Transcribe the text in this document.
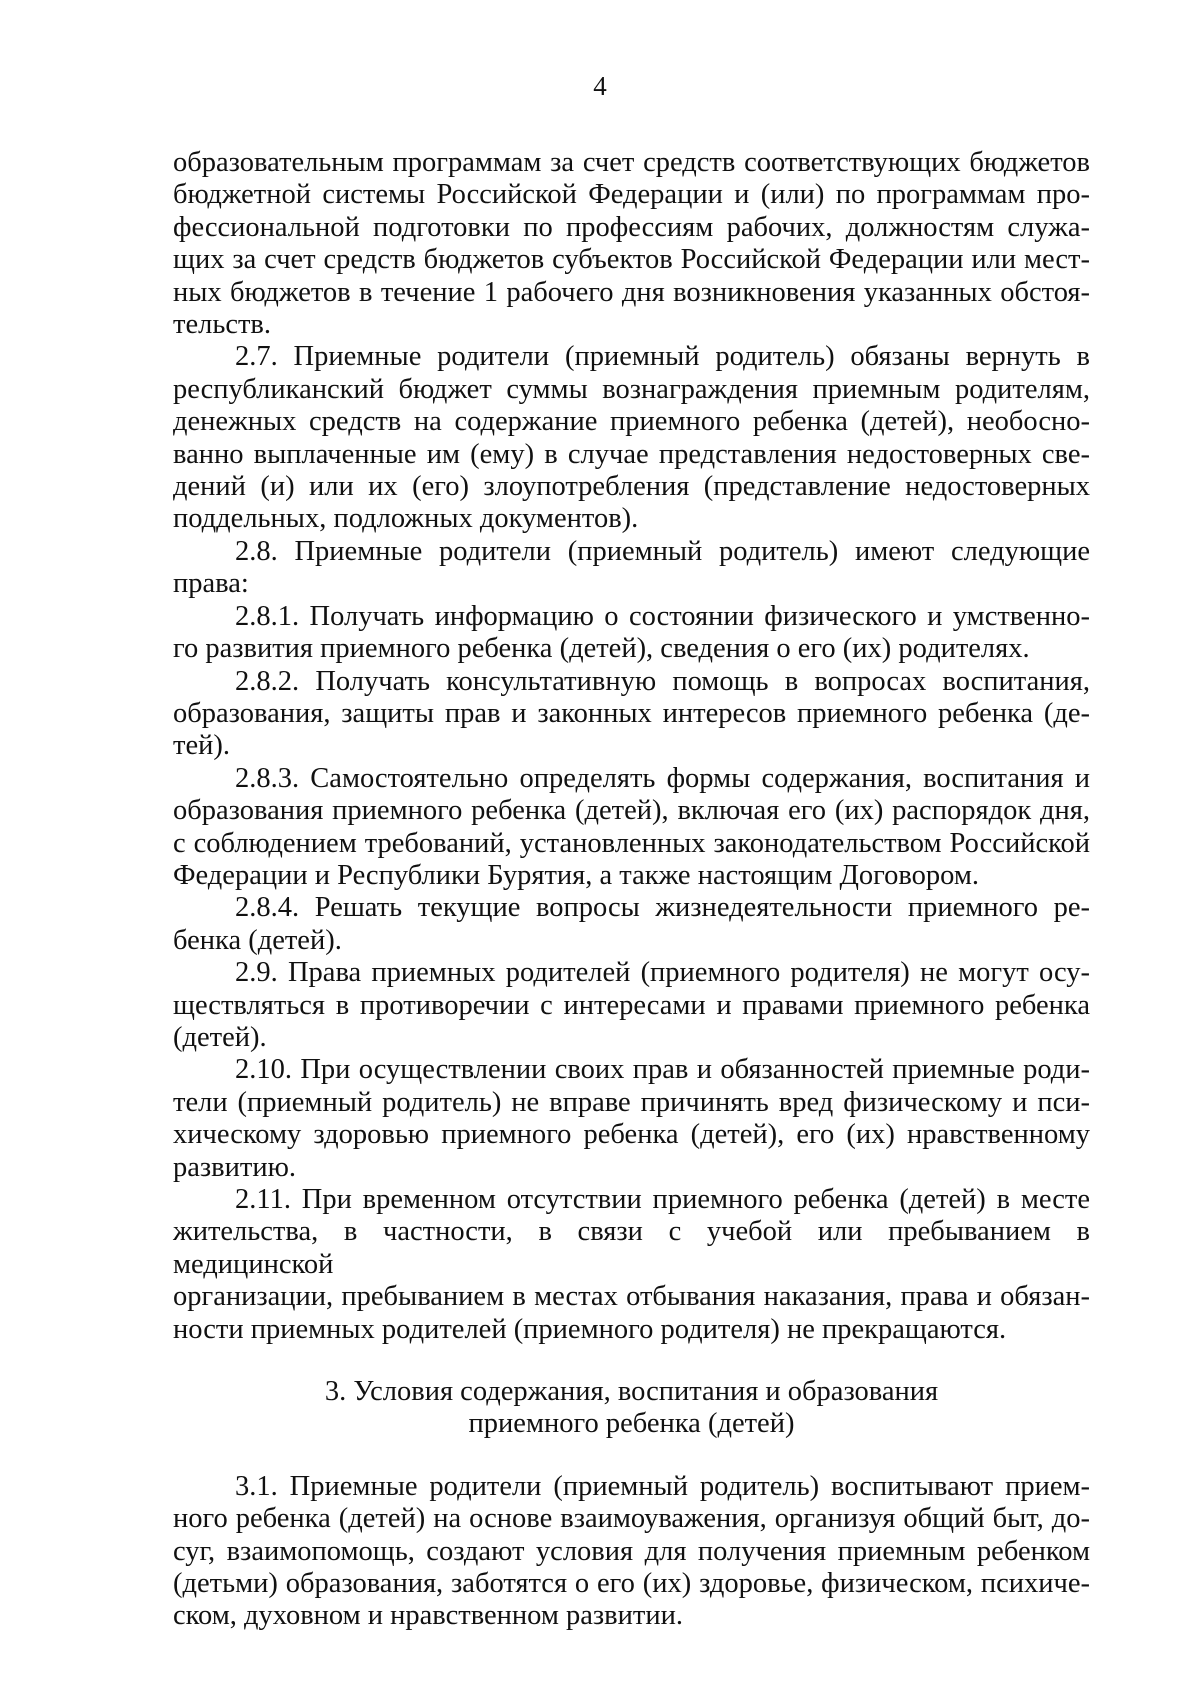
4

образовательным программам за счет средств соответствующих бюджетов
бюджетной системы Российской Федерации и (или) по программам про-
фессиональной подготовки по профессиям рабочих, должностям служа-
щих за счет средств бюджетов субъектов Российской Федерации или мест-
ных бюджетов в течение 1 рабочего дня возникновения указанных обстоя-
тельств.

2.7. Приемные родители (приемный родитель) обязаны вернуть в
республиканский бюджет суммы вознаграждения приемным родителям,
денежных средств на содержание приемного ребенка (детей), необосно-
ванно выплаченные им (ему) в случае представления недостоверных све-
дений (и) или их (его) злоупотребления (представление недостоверных
поддельных, подложных документов).

2.8. Приемные родители (приемный родитель) имеют следующие
права:

2.8.1. Получать информацию о состоянии физического и умственно-
го развития приемного ребенка (детей), сведения о его (их) родителях.

2.8.2. Получать консультативную помощь в вопросах воспитания,
образования, защиты прав и законных интересов приемного ребенка (де-
тей).

2.8.3. Самостоятельно определять формы содержания, воспитания и
образования приемного ребенка (детей), включая его (их) распорядок дня,
с соблюдением требований, установленных законодательством Российской
Федерации и Республики Бурятия, а также настоящим Договором.

2.8.4. Решать текущие вопросы жизнедеятельности приемного ре-
бенка (детей).

2.9. Права приемных родителей (приемного родителя) не могут осу-
ществляться в противоречии с интересами и правами приемного ребенка
(детей).

2.10. При осуществлении своих прав и обязанностей приемные роди-
тели (приемный родитель) не вправе причинять вред физическому и пси-
хическому здоровью приемного ребенка (детей), его (их) нравственному
развитию.

2.11. При временном отсутствии приемного ребенка (детей) в месте
жительства, в частности, в связи с учебой или пребыванием в медицинской
организации, пребыванием в местах отбывания наказания, права и обязан-
ности приемных родителей (приемного родителя) не прекращаются.

3. Условия содержания, воспитания и образования
приемного ребенка (детей)

3.1. Приемные родители (приемный родитель) воспитывают прием-
ного ребенка (детей) на основе взаимоуважения, организуя общий быт, до-
суг, взаимопомощь, создают условия для получения приемным ребенком
(детьми) образования, заботятся о его (их) здоровье, физическом, психиче-
ском, духовном и нравственном развитии.
